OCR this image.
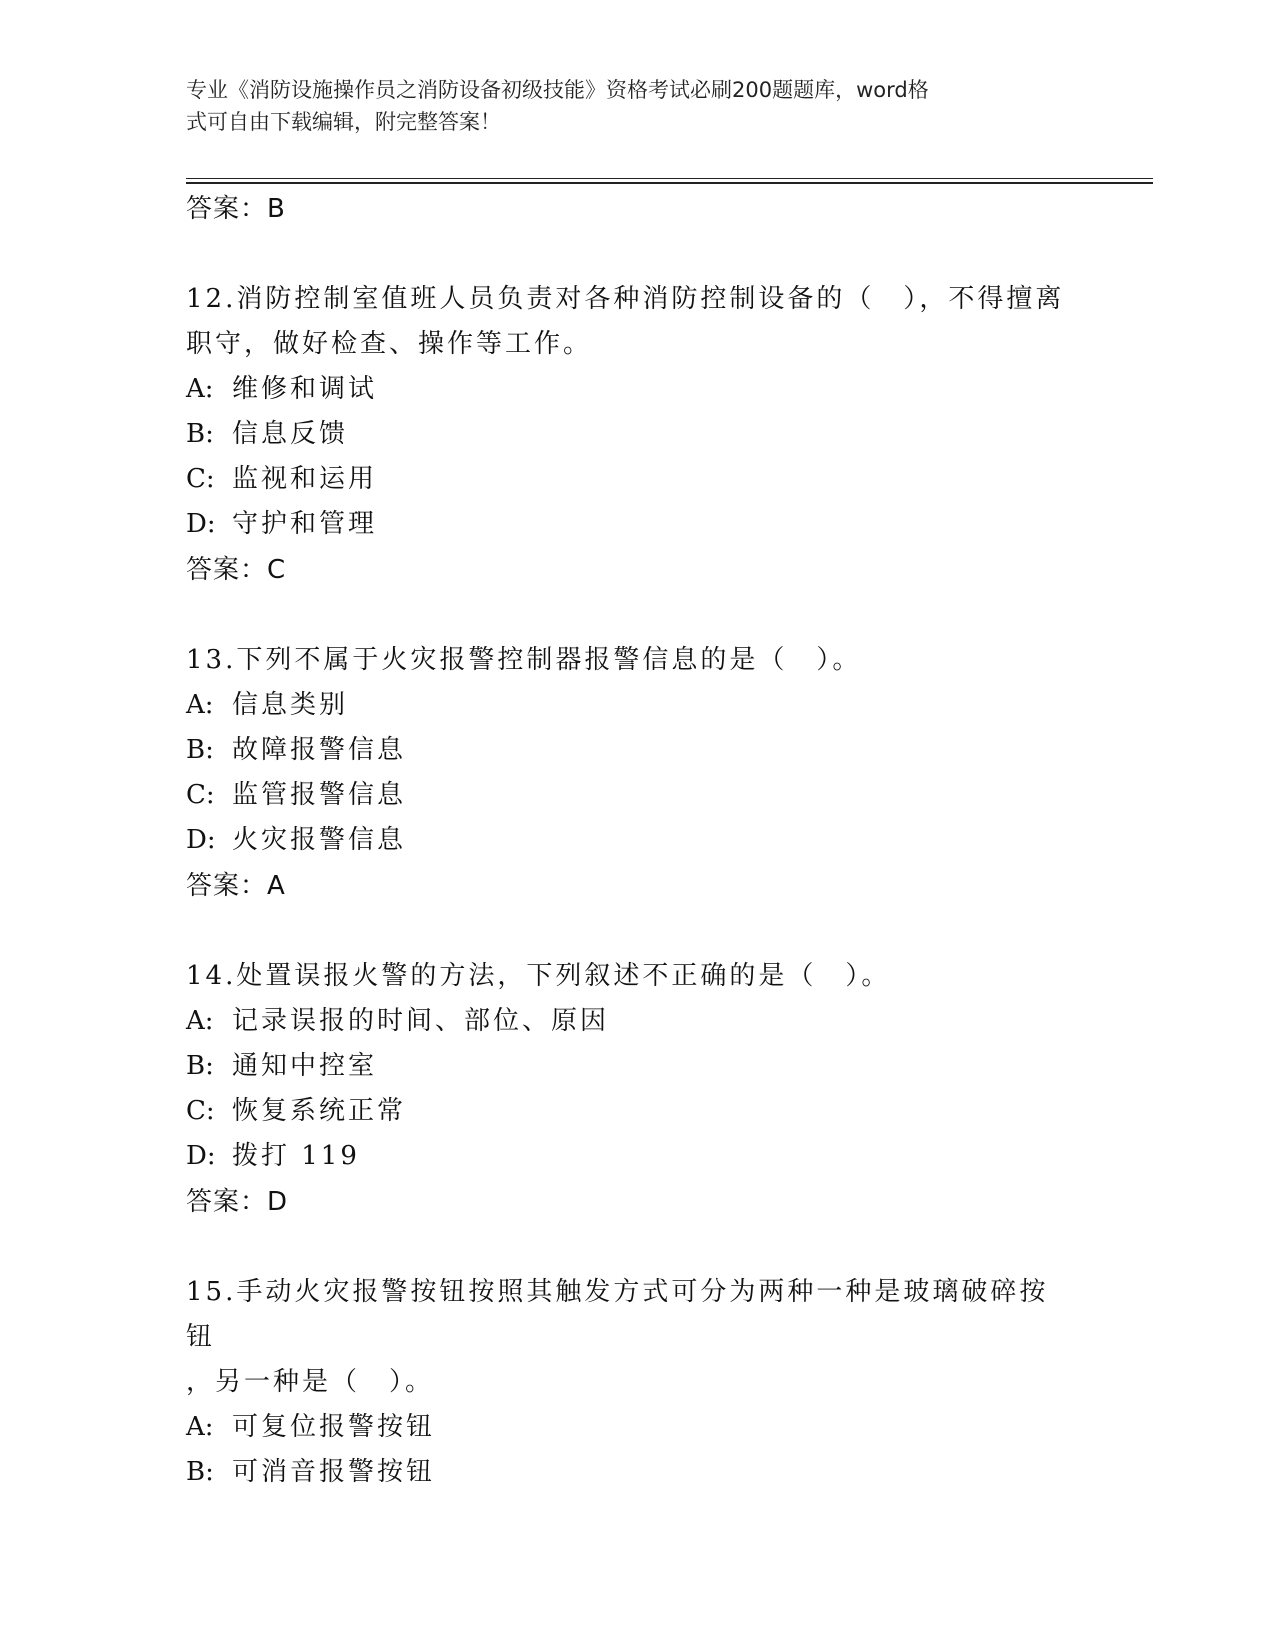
专业《消防设施操作员之消防设备初级技能》资格考试必刷200题题库，word格
式可自由下载编辑，附完整答案！

答案：B

12.消防控制室值班人员负责对各种消防控制设备的（　），不得擅离
职守，做好检查、操作等工作。

A: 维修和调试

B: 信息反馈

C: 监视和运用

D: 守护和管理

答案：C

13.下列不属于火灾报警控制器报警信息的是（　）。

A: 信息类别

B: 故障报警信息

C: 监管报警信息

D: 火灾报警信息

答案：A

14.处置误报火警的方法，下列叙述不正确的是（　）。

A: 记录误报的时间、部位、原因

B: 通知中控室

C: 恢复系统正常

D: 拨打 119

答案：D

15.手动火灾报警按钮按照其触发方式可分为两种一种是玻璃破碎按钮
，另一种是（　）。

A: 可复位报警按钮

B: 可消音报警按钮
